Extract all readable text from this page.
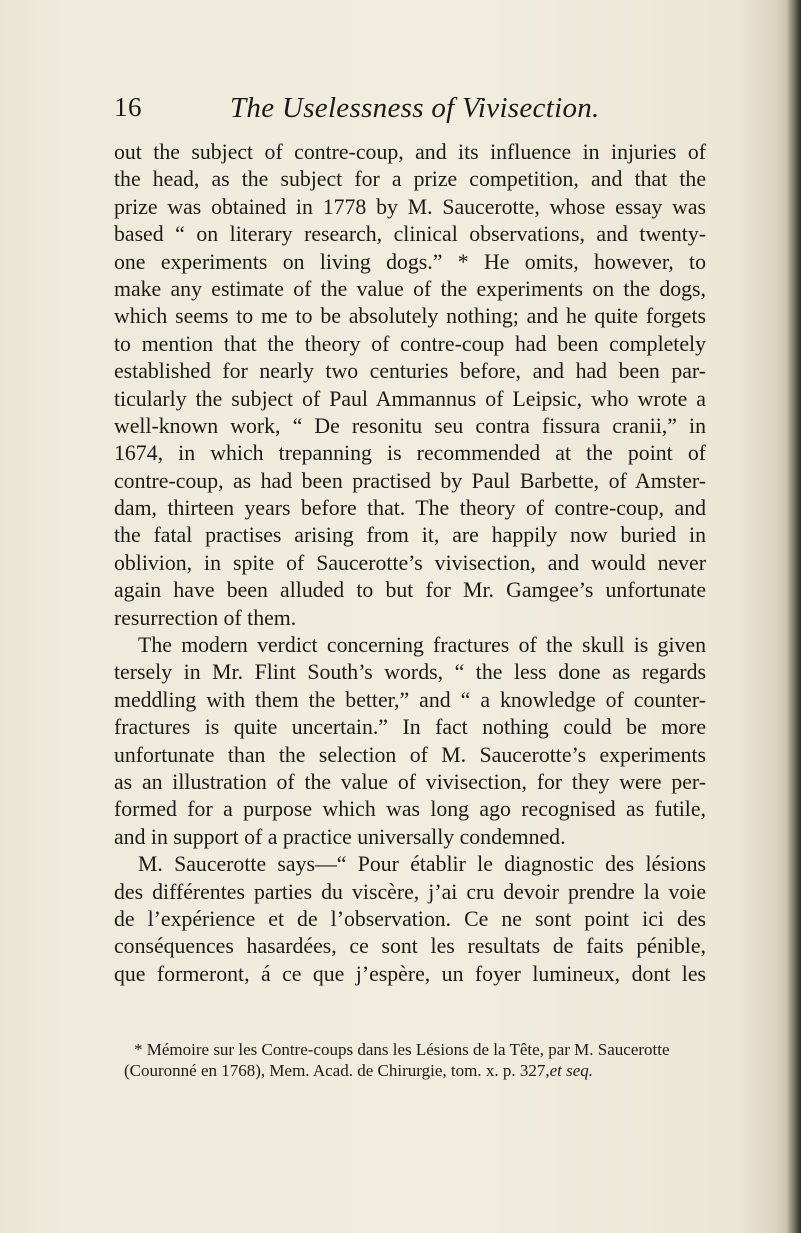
16	The Uselessness of Vivisection.
out the subject of contre-coup, and its influence in injuries of
the head, as the subject for a prize competition, and that the
prize was obtained in 1778 by M. Saucerotte, whose essay was
based “ on literary research, clinical observations, and twenty-
one experiments on living dogs.” * He omits, however, to
make any estimate of the value of the experiments on the dogs,
which seems to me to be absolutely nothing; and he quite forgets
to mention that the theory of contre-coup had been completely
established for nearly two centuries before, and had been par-
ticularly the subject of Paul Ammannus of Leipsic, who wrote a
well-known work, “ De resonitu seu contra fissura cranii,” in
1674, in which trepanning is recommended at the point of
contre-coup, as had been practised by Paul Barbette, of Amster-
dam, thirteen years before that. The theory of contre-coup, and
the fatal practises arising from it, are happily now buried in
oblivion, in spite of Saucerotte’s vivisection, and would never
again have been alluded to but for Mr. Gamgee’s unfortunate
resurrection of them.
The modern verdict concerning fractures of the skull is given
tersely in Mr. Flint South’s words, “ the less done as regards
meddling with them the better,” and “ a knowledge of counter-
fractures is quite uncertain.” In fact nothing could be more
unfortunate than the selection of M. Saucerotte’s experiments
as an illustration of the value of vivisection, for they were per-
formed for a purpose which was long ago recognised as futile,
and in support of a practice universally condemned.
M. Saucerotte says—“ Pour établir le diagnostic des lésions
des différentes parties du viscère, j’ai cru devoir prendre la voie
de l’expérience et de l’observation. Ce ne sont point ici des
conséquences hasardées, ce sont les resultats de faits pénible,
que formeront, á ce que j’espère, un foyer lumineux, dont les
* Mémoire sur les Contre-coups dans les Lésions de la Tête, par M. Saucerotte
(Couronné en 1768), Mem. Acad. de Chirurgie, tom. x. p. 327,et seq.
